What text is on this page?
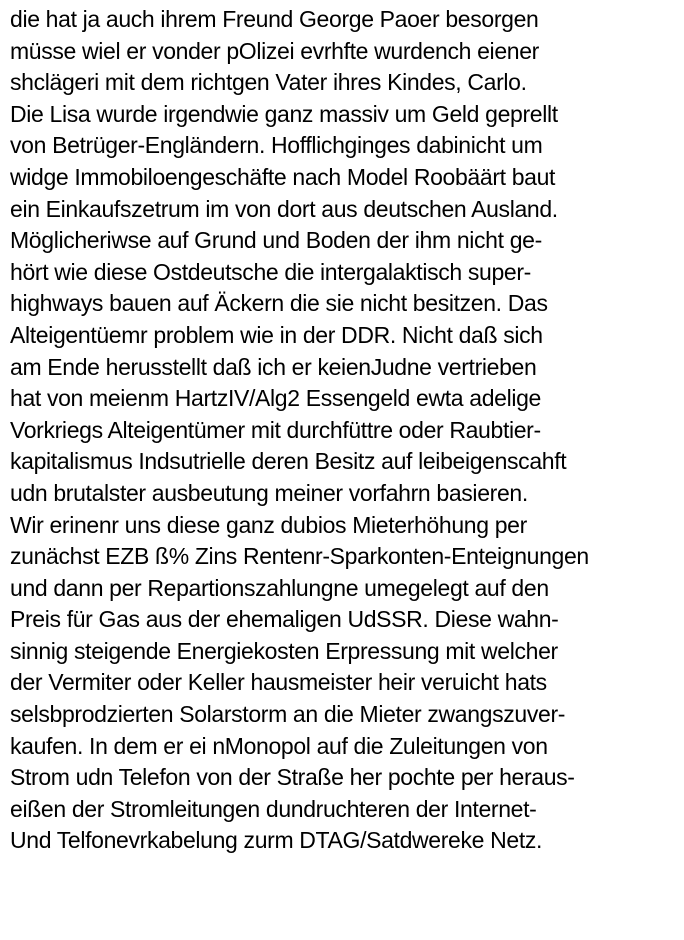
die hat ja auch ihrem Freund George Paoer besorgen
müsse wiel er vonder pOlizei evrhfte wurdench eiener
shclägeri mit dem richtgen Vater ihres Kindes, Carlo.
Die Lisa wurde irgendwie ganz massiv um Geld geprellt
von Betrüger-Engländern. Hofflichginges dabinicht um
widge Immobiloengeschäfte nach Model Roobäärt baut
ein Einkaufszetrum im von dort aus deutschen Ausland.
Möglicheriwse auf Grund und Boden der ihm nicht ge-
hört wie diese Ostdeutsche die intergalaktisch super-
highways bauen auf Äckern die sie nicht besitzen. Das
Alteigentüemr problem wie in der DDR. Nicht daß sich
am Ende herusstellt daß ich er keienJudne vertrieben
hat von meienm HartzIV/Alg2 Essengeld ewta adelige
Vorkriegs Alteigentümer mit durchfüttre oder Raubtier-
kapitalismus Indsutrielle deren Besitz auf leibeigenscahft
udn brutalster ausbeutung meiner vorfahrn basieren.
Wir erinenr uns diese ganz dubios Mieterhöhung per
zunächst EZB ß% Zins Rentenr-Sparkonten-Enteignungen
und dann per Repartionszahlungne umegelegt auf den
Preis für Gas aus der ehemaligen UdSSR. Diese wahn-
sinnig steigende Energiekosten Erpressung mit welcher
der Vermiter oder Keller hausmeister heir veruicht hats
selsbprodzierten Solarstorm an die Mieter zwangszuver-
kaufen. In dem er ei nMonopol auf die Zuleitungen von
Strom udn Telefon von der Straße her pochte per heraus-
eißen der Stromleitungen dundruchteren der Internet-
Und Telfonevrkabelung zurm DTAG/Satdwereke Netz.
